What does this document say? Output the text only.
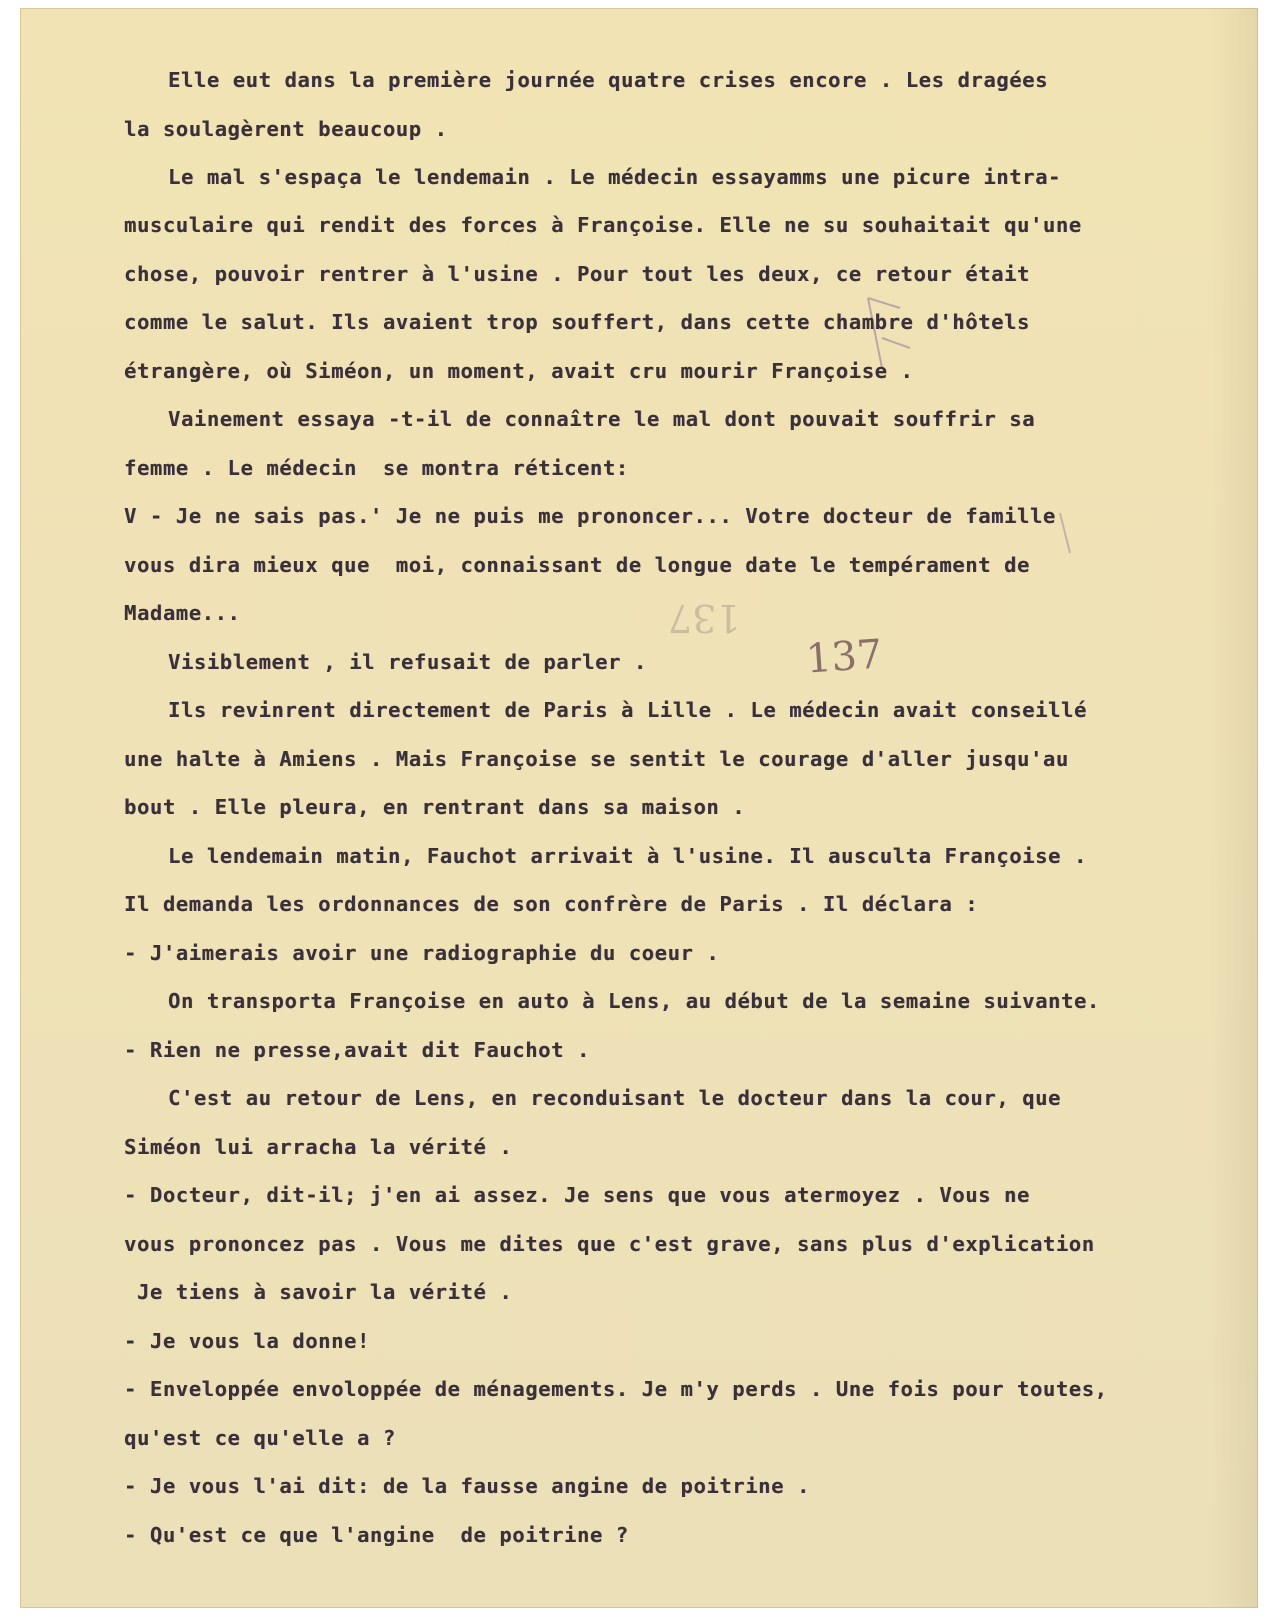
137
137
Elle eut dans la première journée quatre crises encore . Les dragées
la soulagèrent beaucoup .
Le mal s'espaça le lendemain . Le médecin essayamms une picure intra-
musculaire qui rendit des forces à Françoise. Elle ne su souhaitait qu'une
chose, pouvoir rentrer à l'usine . Pour tout les deux, ce retour était
comme le salut. Ils avaient trop souffert, dans cette chambre d'hôtels
étrangère, où Siméon, un moment, avait cru mourir Françoise .
Vainement essaya -t-il de connaître le mal dont pouvait souffrir sa
femme . Le médecin  se montra réticent:
V - Je ne sais pas.' Je ne puis me prononcer... Votre docteur de famille
vous dira mieux que  moi, connaissant de longue date le tempérament de
Madame...
Visiblement , il refusait de parler .
Ils revinrent directement de Paris à Lille . Le médecin avait conseillé
une halte à Amiens . Mais Françoise se sentit le courage d'aller jusqu'au
bout . Elle pleura, en rentrant dans sa maison .
Le lendemain matin, Fauchot arrivait à l'usine. Il ausculta Françoise .
Il demanda les ordonnances de son confrère de Paris . Il déclara :
- J'aimerais avoir une radiographie du coeur .
On transporta Françoise en auto à Lens, au début de la semaine suivante.
- Rien ne presse,avait dit Fauchot .
C'est au retour de Lens, en reconduisant le docteur dans la cour, que
Siméon lui arracha la vérité .
- Docteur, dit-il; j'en ai assez. Je sens que vous atermoyez . Vous ne
vous prononcez pas . Vous me dites que c'est grave, sans plus d'explication
Je tiens à savoir la vérité .
- Je vous la donne!
- Enveloppée envoloppée de ménagements. Je m'y perds . Une fois pour toutes,
qu'est ce qu'elle a ?
- Je vous l'ai dit: de la fausse angine de poitrine .
- Qu'est ce que l'angine  de poitrine ?
